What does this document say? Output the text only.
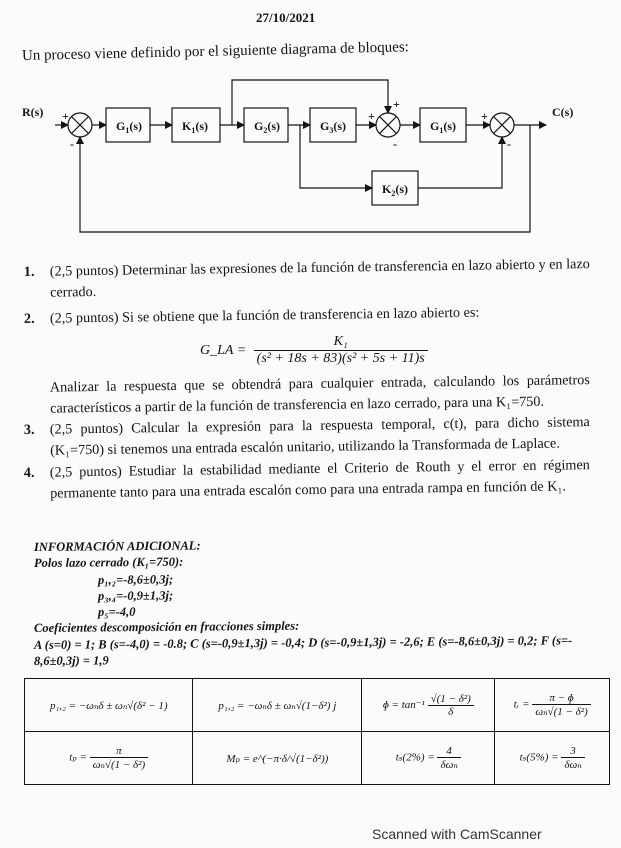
27/10/2021
Un proceso viene definido por el siguiente diagrama de bloques:
R(s)	C(s)
$G_1(s)$	$K_1(s)$	$G_2(s)$	$G_3(s)$	$G_1(s)$
$K_2(s)$
+
-
+
+
-
+
-
1.	(2,5 puntos) Determinar las expresiones de la función de transferencia en lazo abierto y en lazo cerrado.
2.	(2,5 puntos) Si se obtiene que la función de transferencia en lazo abierto es:
G_LA = $\frac{\text{K₁}}{\text{(s² + 18s + 83)(s² + 5s + 11)s}}$
Analizar la respuesta que se obtendrá para cualquier entrada, calculando los parámetros característicos a partir de la función de transferencia en lazo cerrado, para una K₁=750.
3.	(2,5 puntos) Calcular la expresión para la respuesta temporal, c(t), para dicho sistema (K₁=750) si tenemos una entrada escalón unitario, utilizando la Transformada de Laplace.
4.	(2,5 puntos) Estudiar la estabilidad mediante el Criterio de Routh y el error en régimen permanente tanto para una entrada escalón como para una entrada rampa en función de K₁.
INFORMACIÓN ADICIONAL:
Polos lazo cerrado (K₁=750):
p₁,₂=-8,6±0,3j;
p₃,₄=-0,9±1,3j;
p₅=-4,0
Coeficientes descomposición en fracciones simples:
A (s=0) = 1; B (s=-4,0) = -0.8; C (s=-0,9±1,3j) = -0,4; D (s=-0,9±1,3j) = -2,6; E (s=-8,6±0,3j) = 0,2; F (s=-
8,6±0,3j) = 1,9
p₁,₂ = −ωₙδ ± ωₙ√(δ² − 1)	p₁,₂ = −ωₙδ ± ωₙ√(1−δ²) j	ɸ = $\tan^{-1} \frac{\text{√(1 − δ²)}}{\delta}$	tᵣ = $\frac{\text{π − ɸ}}{\text{ωₙ√(1 − δ²)}}$

$t_p = \frac{\pi}{\text{ωₙ√(1 − δ²)}}$	Mₚ = e^(−π·δ/√(1−δ²))	$t_s(2\%) = \frac{4}{\text{δωₙ}}$	$t_s(5\%) = \frac{3}{\text{δωₙ}}$
Scanned with CamScanner
